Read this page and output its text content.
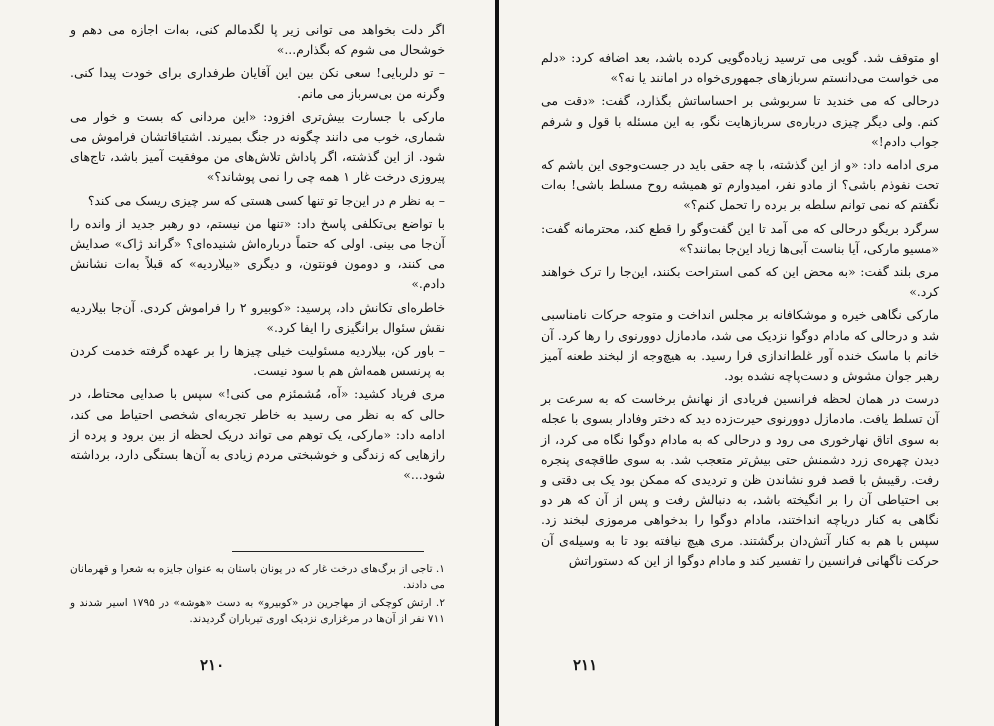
اگر دلت بخواهد می توانی زیر پا لگدمالم کنی، به‌ات اجازه می دهم و خوشحال می شوم که بگذارم...»

– تو دلربایی! سعی نکن بین این آقایان طرفداری برای خودت پیدا کنی. وگرنه من بی‌سرباز می مانم.

مارکی با جسارت بیش‌تری افزود: «این مردانی که بست و خوار می شماری، خوب می دانند چگونه در جنگ بمیرند. اشتیاقاتشان فراموش می شود. از این گذشته، اگر پاداش تلاش‌های من موفقیت آمیز باشد، تاج‌های پیروزی درخت غار ۱ همه چی را نمی پوشاند؟»

– به نظر م در این‌جا تو تنها کسی هستی که سر چیزی ریسک می کند؟

با تواضع بی‌تکلفی پاسخ داد: «تنها من نیستم، دو رهبر جدید از وانده را آن‌جا می بینی. اولی که حتماً درباره‌اش شنیده‌ای؟ «گراند ژاک» صدایش می کنند، و دومون فونتون، و دیگری «بیلاردیه» که قبلاً به‌ات نشانش دادم.»

خاطره‌ای تکانش داد، پرسید: «کوبیرو ۲ را فراموش کردی. آن‌جا بیلاردیه نقش سئوال برانگیزی را ایفا کرد.»

– باور کن، بیلاردیه مسئولیت خیلی چیزها را بر عهده گرفته خدمت کردن به پرنسس همه‌اش هم با سود نیست.

مری فریاد کشید: «آه، مُشمئزم می کنی!» سپس با صدایی محتاط، در حالی که به نظر می رسید به خاطر تجربه‌ای شخصی احتیاط می کند، ادامه داد: «مارکی، یک توهم می تواند دریک لحظه از بین برود و پرده از رازهایی که زندگی و خوشبختی مردم زیادی به آن‌ها بستگی دارد، برداشته شود...»

۱. تاجی از برگ‌های درخت غار که در یونان باستان به عنوان جایزه به شعرا و قهرمانان می دادند.

۲. ارتش کوچکی از مهاجرین در «کوبیرو» به دست «هوشه» در ۱۷۹۵ اسیر شدند و ۷۱۱ نفر از آن‌ها در مرغزاری نزدیک اوری تیرباران گردیدند.

۲۱۰

او متوقف شد. گویی می ترسید زیاده‌گویی کرده باشد، بعد اضافه کرد: «دلم می خواست می‌دانستم سربازهای جمهوری‌خواه در امانند یا نه؟»

درحالی که می خندید تا سربوشی بر احساساتش بگذارد، گفت: «دقت می کنم. ولی دیگر چیزی درباره‌ی سربازهایت نگو، به این مسئله با قول و شرفم جواب دادم!»

مری ادامه داد: «و از این گذشته، با چه حقی باید در جست‌وجوی این باشم که تحت نفوذم باشی؟ از مادو نفر، امیدوارم تو همیشه روح مسلط باشی! به‌ات نگفتم که نمی توانم سلطه بر برده را تحمل کنم؟»

سرگرد بریگو درحالی که می آمد تا این گفت‌وگو را قطع کند، محترمانه گفت: «مسیو مارکی، آیا بناست آبی‌ها زیاد این‌جا بمانند؟»

مری بلند گفت: «به محض این که کمی استراحت بکنند، این‌جا را ترک خواهند کرد.»

مارکی نگاهی خیره و موشکافانه بر مجلس انداخت و متوجه حرکات نامناسبی شد و درحالی که مادام دوگوا نزدیک می شد، مادمازل دوورنوی را رها کرد. آن خانم با ماسک خنده آور غلط‌اندازی فرا رسید. به هیچ‌وجه از لبخند طعنه آمیز رهبر جوان مشوش و دست‌پاچه نشده بود.

درست در همان لحظه فرانسین فریادی از نهانش برخاست که به سرعت بر آن تسلط یافت. مادمازل دوورنوی حیرت‌زده دید که دختر وفادار بسوی با عجله به سوی اتاق نهارخوری می رود و درحالی که به مادام دوگوا نگاه می کرد، از دیدن چهره‌ی زرد دشمنش حتی بیش‌تر متعجب شد. به سوی طاقچه‌ی پنجره رفت. رقیبش با قصد فرو نشاندن ظن و تردیدی که ممکن بود یک بی دقتی و بی احتیاطی آن را بر انگیخته باشد، به دنبالش رفت و پس از آن که هر دو نگاهی به کنار دریاچه انداختند، مادام دوگوا را بدخواهی مرموزی لبخند زد. سپس با هم به کنار آتش‌دان برگشتند. مری هیچ نیافته بود تا به وسیله‌ی آن حرکت ناگهانی فرانسین را تفسیر کند و مادام دوگوا از این که دستوراتش

۲۱۱
